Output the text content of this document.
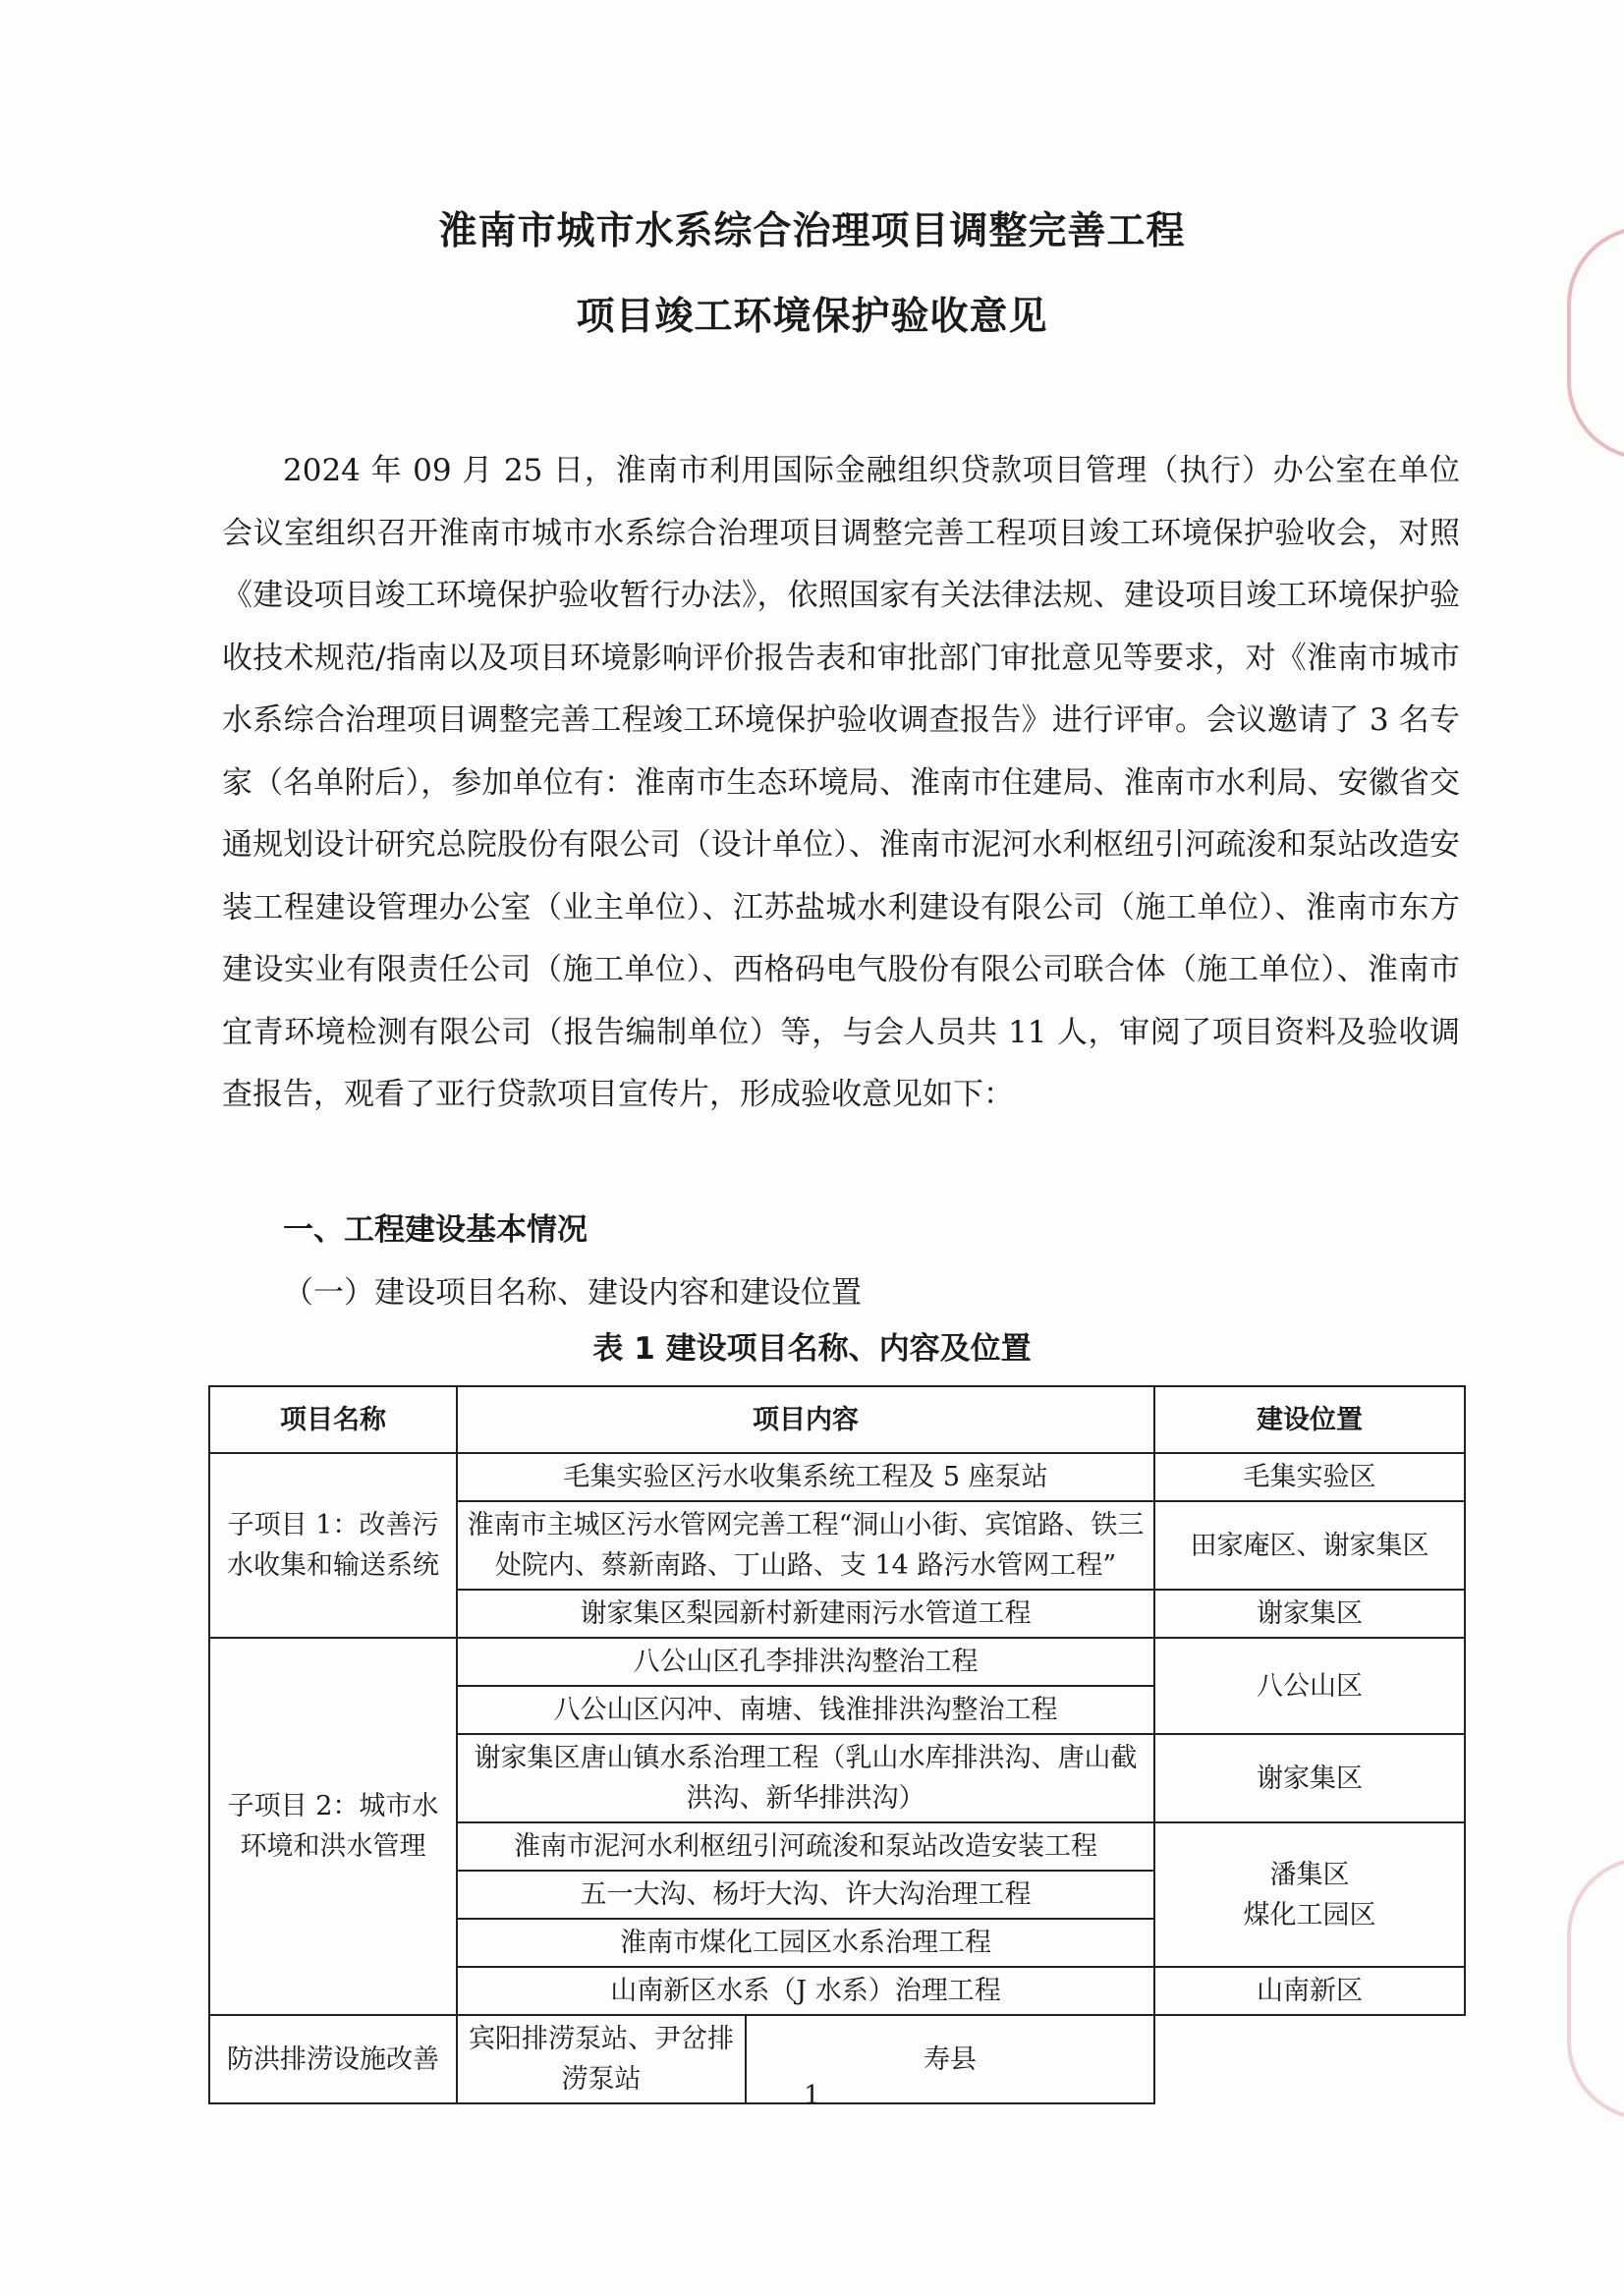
淮南市城市水系综合治理项目调整完善工程
项目竣工环境保护验收意见

2024 年 09 月 25 日，淮南市利用国际金融组织贷款项目管理（执行）办公室在单位会议室组织召开淮南市城市水系综合治理项目调整完善工程项目竣工环境保护验收会，对照《建设项目竣工环境保护验收暂行办法》，依照国家有关法律法规、建设项目竣工环境保护验收技术规范/指南以及项目环境影响评价报告表和审批部门审批意见等要求，对《淮南市城市水系综合治理项目调整完善工程竣工环境保护验收调查报告》进行评审。会议邀请了 3 名专家（名单附后），参加单位有：淮南市生态环境局、淮南市住建局、淮南市水利局、安徽省交通规划设计研究总院股份有限公司（设计单位）、淮南市泥河水利枢纽引河疏浚和泵站改造安装工程建设管理办公室（业主单位）、江苏盐城水利建设有限公司（施工单位）、淮南市东方建设实业有限责任公司（施工单位）、西格码电气股份有限公司联合体（施工单位）、淮南市宜青环境检测有限公司（报告编制单位）等，与会人员共 11 人，审阅了项目资料及验收调查报告，观看了亚行贷款项目宣传片，形成验收意见如下：

一、工程建设基本情况

（一）建设项目名称、建设内容和建设位置

表 1 建设项目名称、内容及位置

项目名称	项目内容		建设位置
子项目 1：改善污水收集和输送系统	毛集实验区污水收集系统工程及 5 座泵站		毛集实验区
	淮南市主城区污水管网完善工程“洞山小街、宾馆路、铁三处院内、蔡新南路、丁山路、支 14 路污水管网工程”		田家庵区、谢家集区
	谢家集区梨园新村新建雨污水管道工程		谢家集区
子项目 2：城市水环境和洪水管理	八公山区孔李排洪沟整治工程		八公山区
	八公山区闪冲、南塘、钱淮排洪沟整治工程		
	谢家集区唐山镇水系治理工程（乳山水库排洪沟、唐山截洪沟、新华排洪沟）		谢家集区
	淮南市泥河水利枢纽引河疏浚和泵站改造安装工程		潘集区
煤化工园区
	五一大沟、杨圩大沟、许大沟治理工程		
	淮南市煤化工园区水系治理工程		
	山南新区水系（J 水系）治理工程		山南新区
防洪排涝设施改善	宾阳排涝泵站、尹岔排涝泵站	寿县	
1
